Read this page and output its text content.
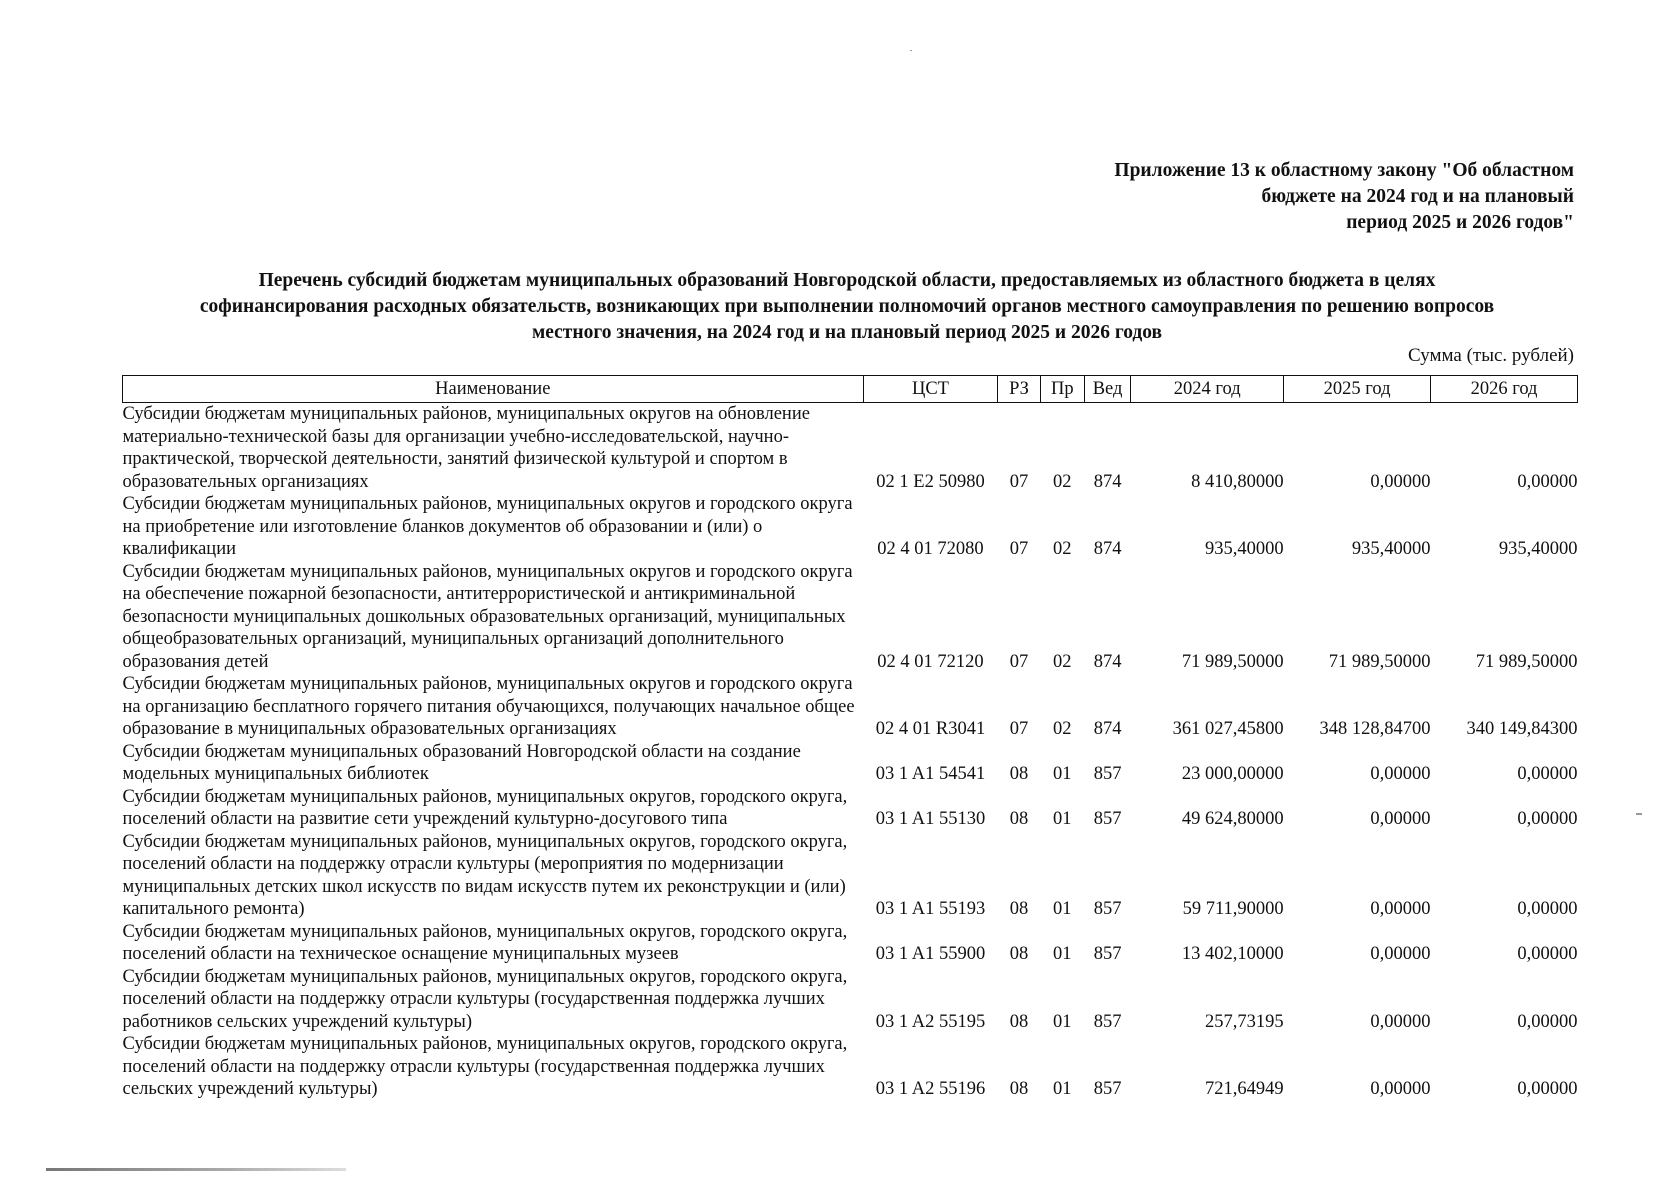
Приложение 13 к областному закону "Об областном
бюджете на 2024 год и на плановый
период 2025 и 2026 годов"
Перечень субсидий бюджетам муниципальных образований Новгородской области, предоставляемых из областного бюджета в целях
софинансирования расходных обязательств, возникающих при выполнении полномочий органов местного самоуправления по решению вопросов
местного значения, на 2024 год и на плановый период 2025 и 2026 годов
Сумма (тыс. рублей)
Наименование	ЦСТ	РЗ	Пр	Вед	2024 год	2025 год	2026 год
Субсидии бюджетам муниципальных районов, муниципальных округов на обновление материально-технической базы для организации учебно-исследовательской, научно-практической, творческой деятельности, занятий физической культурой и спортом в образовательных организациях	02 1 E2 50980	07	02	874	8 410,80000	0,00000	0,00000
Субсидии бюджетам муниципальных районов, муниципальных округов и городского округа на приобретение или изготовление бланков документов об образовании и (или) о квалификации	02 4 01 72080	07	02	874	935,40000	935,40000	935,40000
Субсидии бюджетам муниципальных районов, муниципальных округов и городского округа на обеспечение пожарной безопасности, антитеррористической и антикриминальной безопасности муниципальных дошкольных образовательных организаций, муниципальных общеобразовательных организаций, муниципальных организаций дополнительного образования детей	02 4 01 72120	07	02	874	71 989,50000	71 989,50000	71 989,50000
Субсидии бюджетам муниципальных районов, муниципальных округов и городского округа на организацию бесплатного горячего питания обучающихся, получающих начальное общее образование в муниципальных образовательных организациях	02 4 01 R3041	07	02	874	361 027,45800	348 128,84700	340 149,84300
Субсидии бюджетам муниципальных образований Новгородской области на создание модельных муниципальных библиотек	03 1 A1 54541	08	01	857	23 000,00000	0,00000	0,00000
Субсидии бюджетам муниципальных районов, муниципальных округов, городского округа, поселений области на развитие сети учреждений культурно-досугового типа	03 1 A1 55130	08	01	857	49 624,80000	0,00000	0,00000
Субсидии бюджетам муниципальных районов, муниципальных округов, городского округа, поселений области на поддержку отрасли культуры (мероприятия по модернизации муниципальных детских школ искусств по видам искусств путем их реконструкции и (или) капитального ремонта)	03 1 A1 55193	08	01	857	59 711,90000	0,00000	0,00000
Субсидии бюджетам муниципальных районов, муниципальных округов, городского округа, поселений области на техническое оснащение муниципальных музеев	03 1 A1 55900	08	01	857	13 402,10000	0,00000	0,00000
Субсидии бюджетам муниципальных районов, муниципальных округов, городского округа, поселений области на поддержку отрасли культуры (государственная поддержка лучших работников сельских учреждений культуры)	03 1 A2 55195	08	01	857	257,73195	0,00000	0,00000
Субсидии бюджетам муниципальных районов, муниципальных округов, городского округа, поселений области на поддержку отрасли культуры (государственная поддержка лучших сельских учреждений культуры)	03 1 A2 55196	08	01	857	721,64949	0,00000	0,00000
